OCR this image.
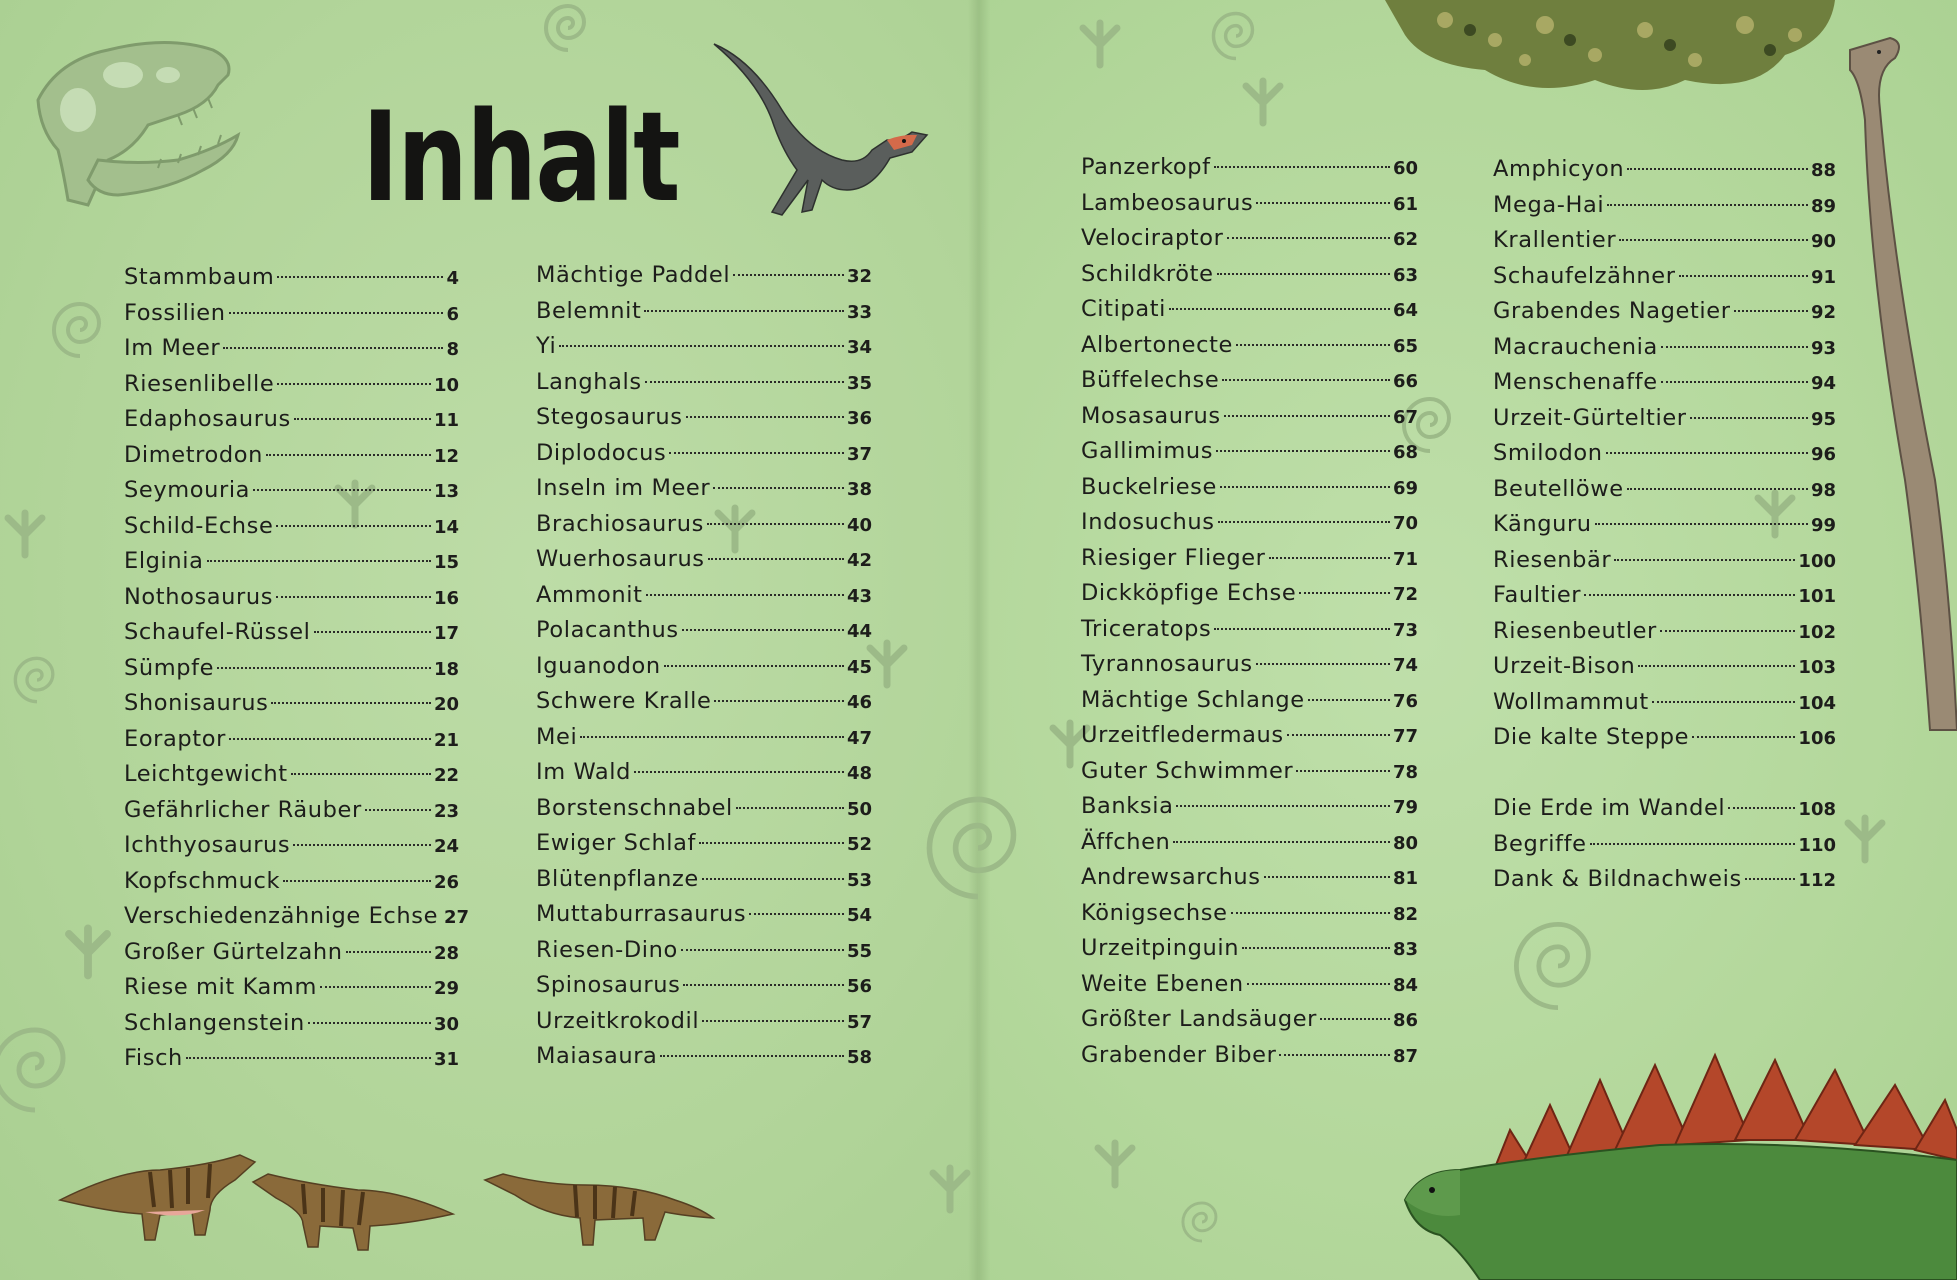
Inhalt
Stammbaum	4
Fossilien	6
Im Meer	8
Riesenlibelle	10
Edaphosaurus	11
Dimetrodon	12
Seymouria	13
Schild-Echse	14
Elginia	15
Nothosaurus	16
Schaufel-Rüssel	17
Sümpfe	18
Shonisaurus	20
Eoraptor	21
Leichtgewicht	22
Gefährlicher Räuber	23
Ichthyosaurus	24
Kopfschmuck	26
Verschiedenzähnige Echse 27
Großer Gürtelzahn	28
Riese mit Kamm	29
Schlangenstein	30
Fisch	31
Mächtige Paddel	32
Belemnit	33
Yi	34
Langhals	35
Stegosaurus	36
Diplodocus	37
Inseln im Meer	38
Brachiosaurus	40
Wuerhosaurus	42
Ammonit	43
Polacanthus	44
Iguanodon	45
Schwere Kralle	46
Mei	47
Im Wald	48
Borstenschnabel	50
Ewiger Schlaf	52
Blütenpflanze	53
Muttaburrasaurus	54
Riesen-Dino	55
Spinosaurus	56
Urzeitkrokodil	57
Maiasaura	58
Panzerkopf	60
Lambeosaurus	61
Velociraptor	62
Schildkröte	63
Citipati	64
Albertonecte	65
Büffelechse	66
Mosasaurus	67
Gallimimus	68
Buckelriese	69
Indosuchus	70
Riesiger Flieger	71
Dickköpfige Echse	72
Triceratops	73
Tyrannosaurus	74
Mächtige Schlange	76
Urzeitfledermaus	77
Guter Schwimmer	78
Banksia	79
Äffchen	80
Andrewsarchus	81
Königsechse	82
Urzeitpinguin	83
Weite Ebenen	84
Größter Landsäuger	86
Grabender Biber	87
Amphicyon	88
Mega-Hai	89
Krallentier	90
Schaufelzähner	91
Grabendes Nagetier	92
Macrauchenia	93
Menschenaffe	94
Urzeit-Gürteltier	95
Smilodon	96
Beutellöwe	98
Känguru	99
Riesenbär	100
Faultier	101
Riesenbeutler	102
Urzeit-Bison	103
Wollmammut	104
Die kalte Steppe	106
Die Erde im Wandel	108
Begriffe	110
Dank & Bildnachweis	112
